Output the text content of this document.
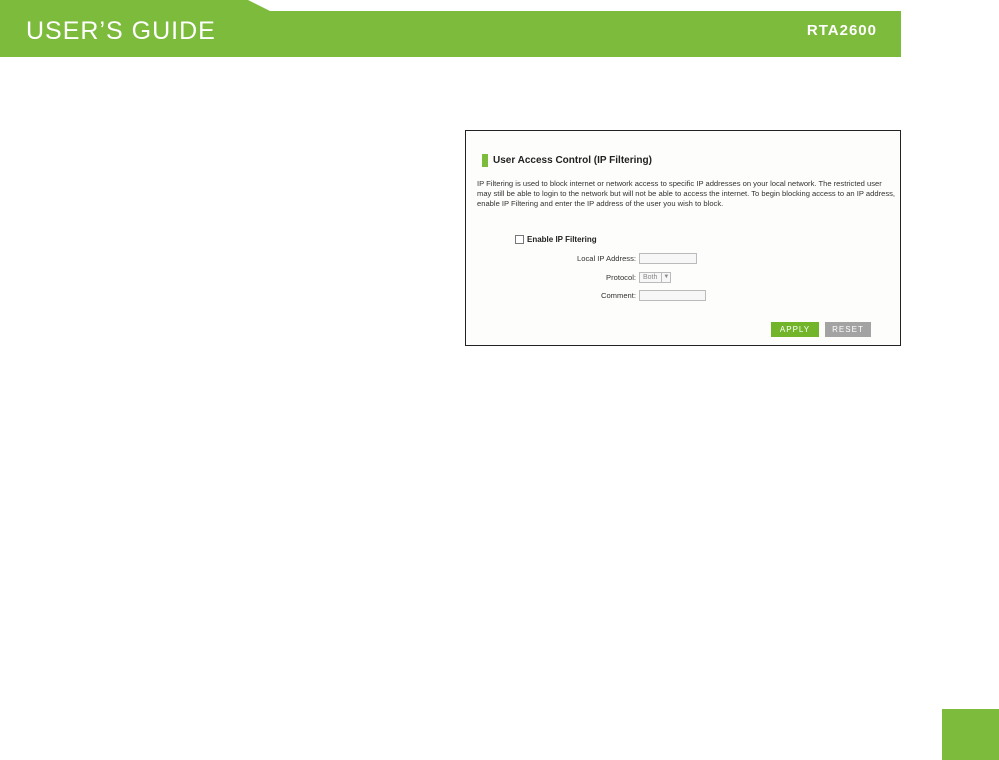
USER’S GUIDE	RTA2600
User Access Control (IP Filtering)
IP Filtering is used to block internet or network access to specific IP addresses on your local network. The restricted user may still be able to login to the network but will not be able to access the internet. To begin blocking access to an IP address, enable IP Filtering and enter the IP address of the user you wish to block.
Enable IP Filtering
Local IP Address:
Protocol:	Both	▼
Comment:
APPLY	RESET
